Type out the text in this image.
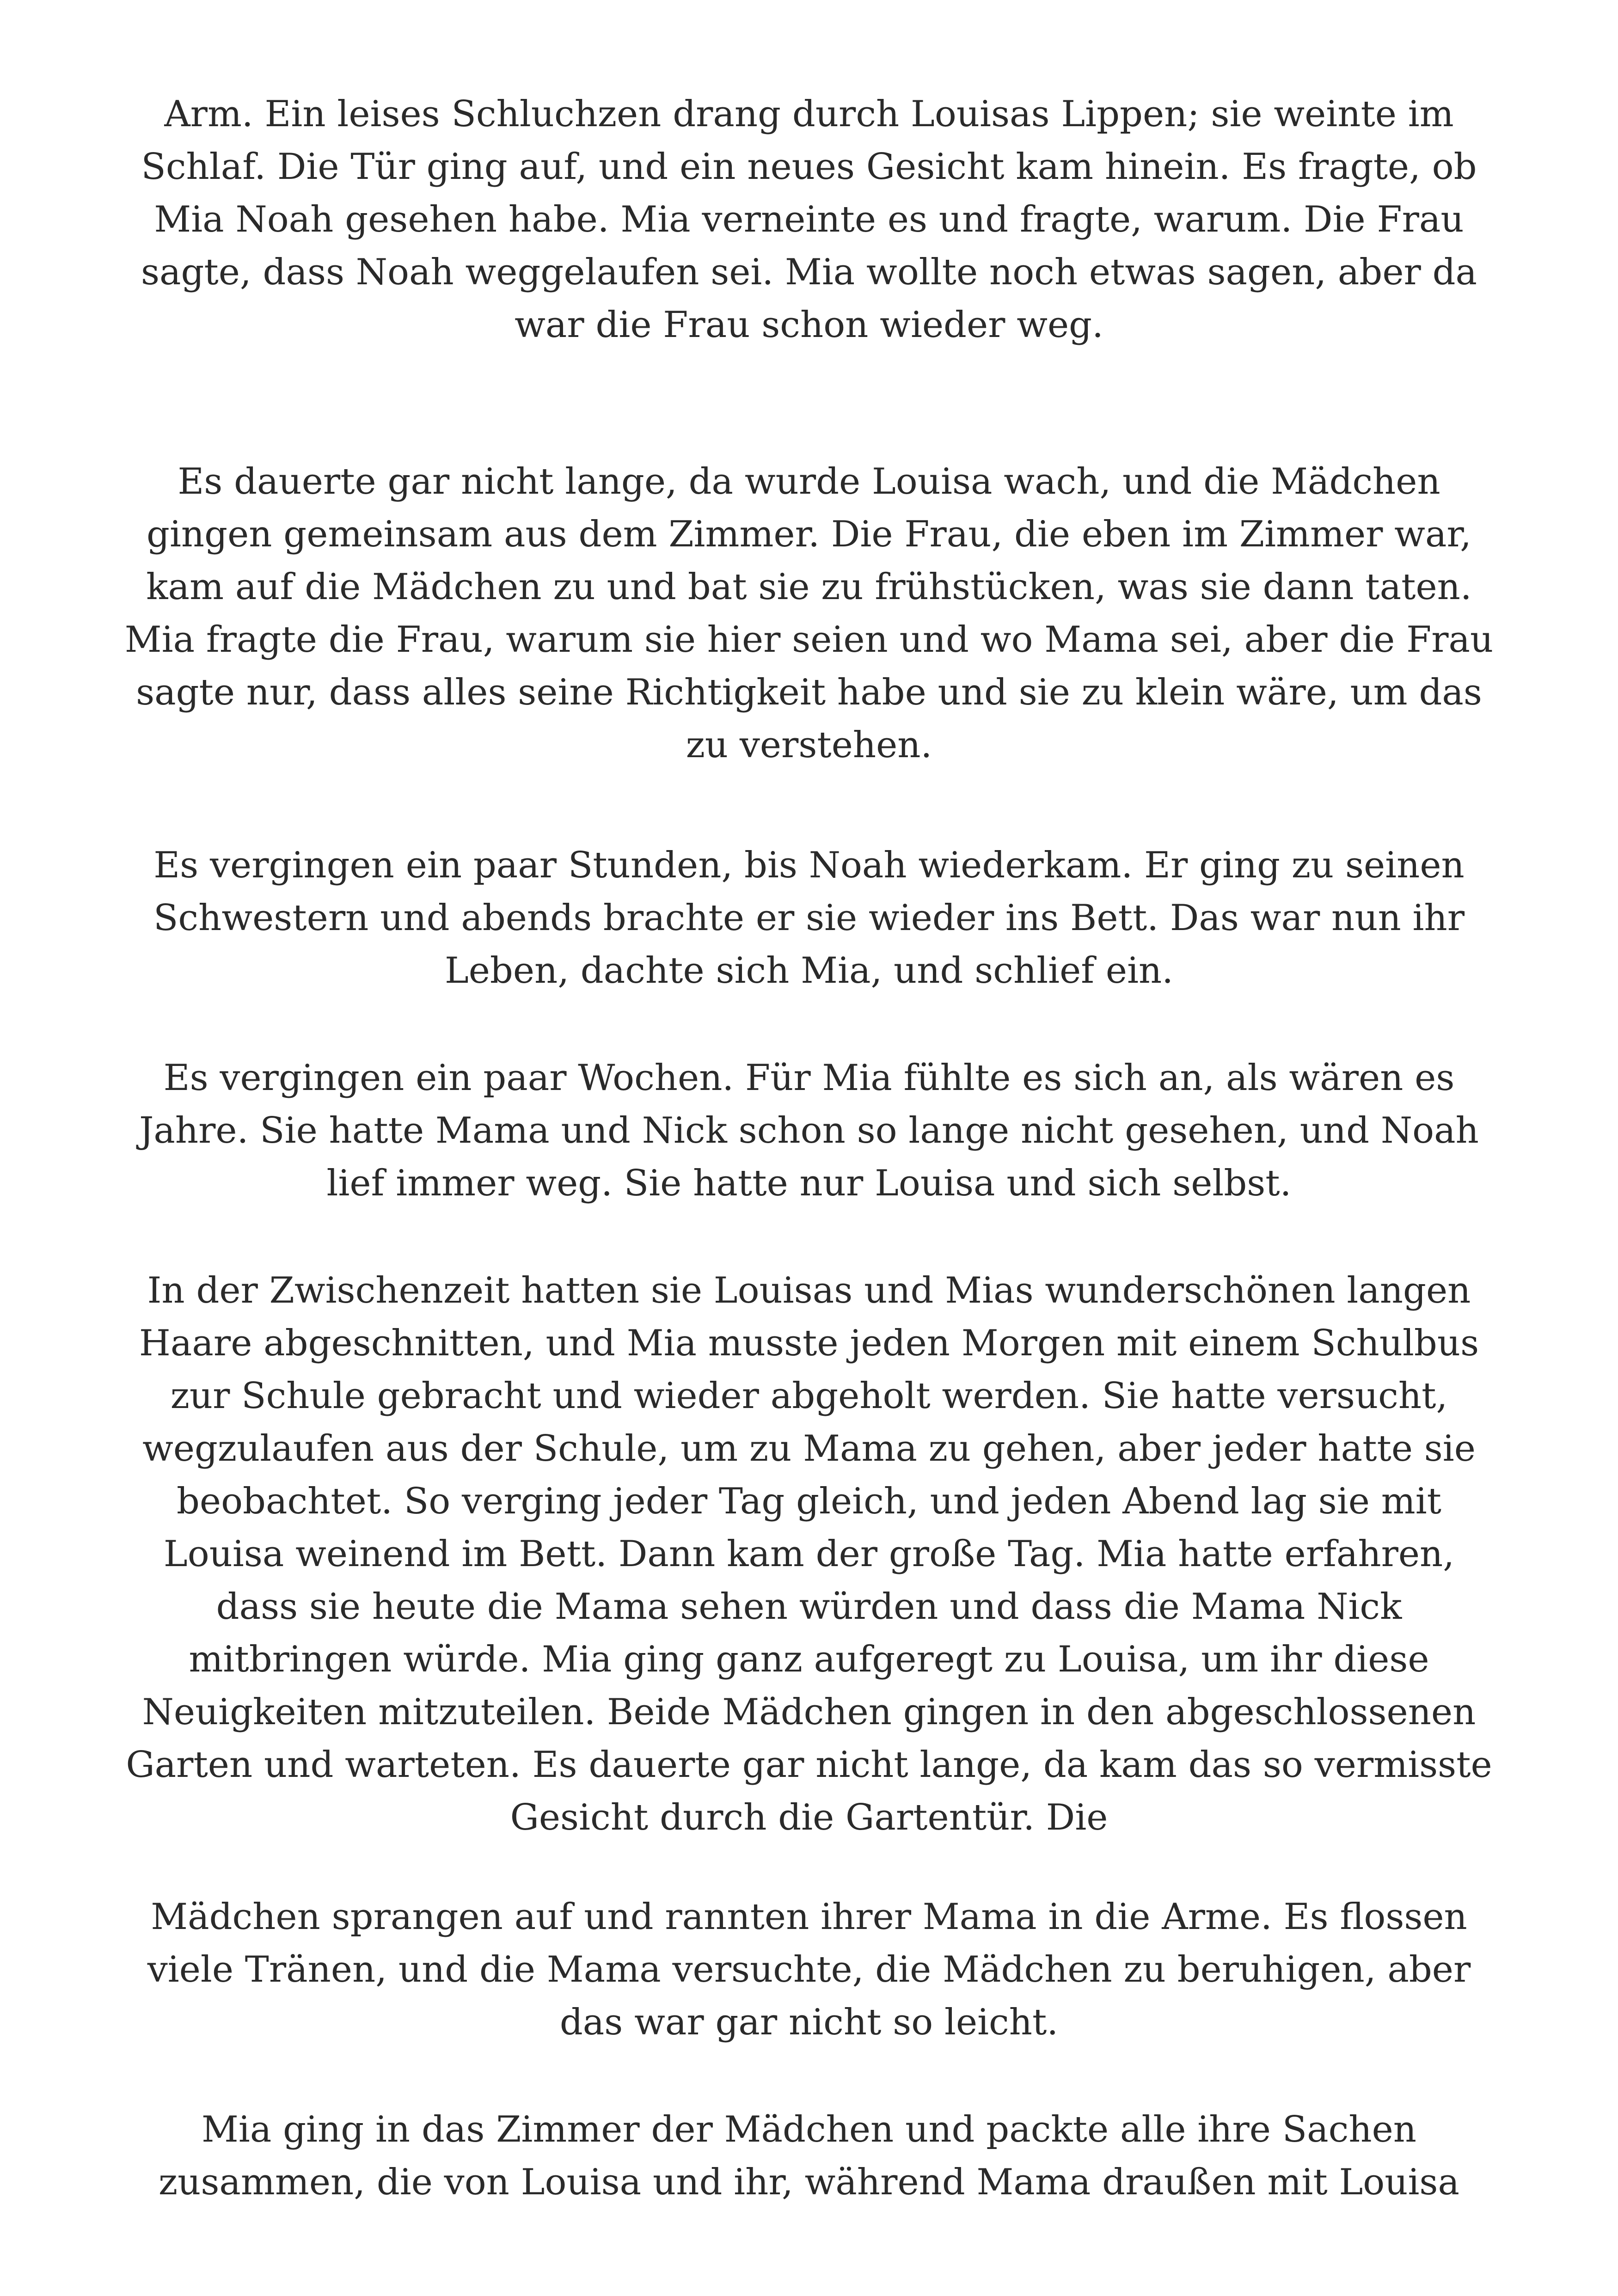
Arm. Ein leises Schluchzen drang durch Louisas Lippen; sie weinte im
Schlaf. Die Tür ging auf, und ein neues Gesicht kam hinein. Es fragte, ob
Mia Noah gesehen habe. Mia verneinte es und fragte, warum. Die Frau
sagte, dass Noah weggelaufen sei. Mia wollte noch etwas sagen, aber da
war die Frau schon wieder weg.

Es dauerte gar nicht lange, da wurde Louisa wach, und die Mädchen
gingen gemeinsam aus dem Zimmer. Die Frau, die eben im Zimmer war,
kam auf die Mädchen zu und bat sie zu frühstücken, was sie dann taten.
Mia fragte die Frau, warum sie hier seien und wo Mama sei, aber die Frau
sagte nur, dass alles seine Richtigkeit habe und sie zu klein wäre, um das
zu verstehen.

Es vergingen ein paar Stunden, bis Noah wiederkam. Er ging zu seinen
Schwestern und abends brachte er sie wieder ins Bett. Das war nun ihr
Leben, dachte sich Mia, und schlief ein.

Es vergingen ein paar Wochen. Für Mia fühlte es sich an, als wären es
Jahre. Sie hatte Mama und Nick schon so lange nicht gesehen, und Noah
lief immer weg. Sie hatte nur Louisa und sich selbst.

In der Zwischenzeit hatten sie Louisas und Mias wunderschönen langen
Haare abgeschnitten, und Mia musste jeden Morgen mit einem Schulbus
zur Schule gebracht und wieder abgeholt werden. Sie hatte versucht,
wegzulaufen aus der Schule, um zu Mama zu gehen, aber jeder hatte sie
beobachtet. So verging jeder Tag gleich, und jeden Abend lag sie mit
Louisa weinend im Bett. Dann kam der große Tag. Mia hatte erfahren,
dass sie heute die Mama sehen würden und dass die Mama Nick
mitbringen würde. Mia ging ganz aufgeregt zu Louisa, um ihr diese
Neuigkeiten mitzuteilen. Beide Mädchen gingen in den abgeschlossenen
Garten und warteten. Es dauerte gar nicht lange, da kam das so vermisste
Gesicht durch die Gartentür. Die

Mädchen sprangen auf und rannten ihrer Mama in die Arme. Es flossen
viele Tränen, und die Mama versuchte, die Mädchen zu beruhigen, aber
das war gar nicht so leicht.

Mia ging in das Zimmer der Mädchen und packte alle ihre Sachen
zusammen, die von Louisa und ihr, während Mama draußen mit Louisa
